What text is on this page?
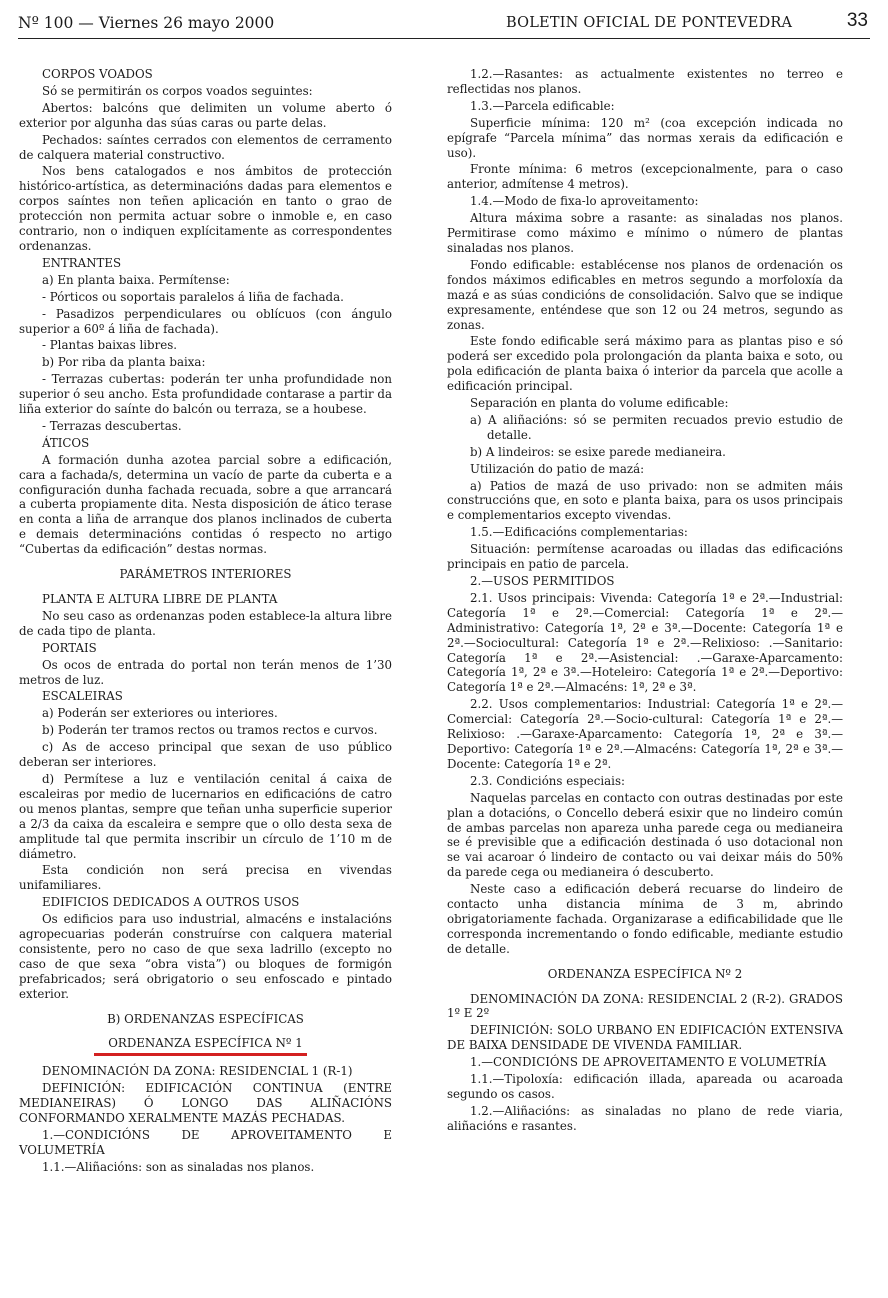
Nº 100 — Viernes 26 mayo 2000	BOLETIN OFICIAL DE PONTEVEDRA	33
CORPOS VOADOS
Só se permitirán os corpos voados seguintes:
Abertos: balcóns que delimiten un volume aberto ó exterior por algunha das súas caras ou parte delas.
Pechados: saíntes cerrados con elementos de cerramento de calquera material constructivo.
Nos bens catalogados e nos ámbitos de protección histórico-artística, as determinacións dadas para elementos e corpos saíntes non teñen aplicación en tanto o grao de protección non permita actuar sobre o inmoble e, en caso contrario, non o indiquen explícitamente as correspondentes ordenanzas.
ENTRANTES
a) En planta baixa. Permítense:
- Pórticos ou soportais paralelos á liña de fachada.
- Pasadizos perpendiculares ou oblícuos (con ángulo superior a 60º á liña de fachada).
- Plantas baixas libres.
b) Por riba da planta baixa:
- Terrazas cubertas: poderán ter unha profundidade non superior ó seu ancho. Esta profundidade contarase a partir da liña exterior do saínte do balcón ou terraza, se a houbese.
- Terrazas descubertas.
ÁTICOS
A formación dunha azotea parcial sobre a edificación, cara a fachada/s, determina un vacío de parte da cuberta e a configuración dunha fachada recuada, sobre a que arrancará a cuberta propiamente dita. Nesta disposición de ático terase en conta a liña de arranque dos planos inclinados de cuberta e demais determinacións contidas ó respecto no artigo “Cubertas da edificación” destas normas.
PARÁMETROS INTERIORES
PLANTA E ALTURA LIBRE DE PLANTA
No seu caso as ordenanzas poden establece-la altura libre de cada tipo de planta.
PORTAIS
Os ocos de entrada do portal non terán menos de 1’30 metros de luz.
ESCALEIRAS
a) Poderán ser exteriores ou interiores.
b) Poderán ter tramos rectos ou tramos rectos e curvos.
c) As de acceso principal que sexan de uso público deberan ser interiores.
d) Permítese a luz e ventilación cenital á caixa de escaleiras por medio de lucernarios en edificacións de catro ou menos plantas, sempre que teñan unha superficie superior a 2/3 da caixa da escaleira e sempre que o ollo desta sexa de amplitude tal que permita inscribir un círculo de 1’10 m de diámetro.
Esta condición non será precisa en vivendas unifamiliares.
EDIFICIOS DEDICADOS A OUTROS USOS
Os edificios para uso industrial, almacéns e instalacións agropecuarias poderán construírse con calquera material consistente, pero no caso de que sexa ladrillo (excepto no caso de que sexa “obra vista”) ou bloques de formigón prefabricados; será obrigatorio o seu enfoscado e pintado exterior.
B) ORDENANZAS ESPECÍFICAS
ORDENANZA ESPECÍFICA Nº 1
DENOMINACIÓN DA ZONA: RESIDENCIAL 1 (R-1)
DEFINICIÓN: EDIFICACIÓN CONTINUA (ENTRE MEDIANEIRAS) Ó LONGO DAS ALIÑACIÓNS CONFORMANDO XERALMENTE MAZÁS PECHADAS.
1.—CONDICIÓNS DE APROVEITAMENTO E VOLUMETRÍA
1.1.—Aliñacións: son as sinaladas nos planos.
1.2.—Rasantes: as actualmente existentes no terreo e reflectidas nos planos.
1.3.—Parcela edificable:
Superficie mínima: 120 m² (coa excepción indicada no epígrafe “Parcela mínima” das normas xerais da edificación e uso).
Fronte mínima: 6 metros (excepcionalmente, para o caso anterior, admítense 4 metros).
1.4.—Modo de fixa-lo aproveitamento:
Altura máxima sobre a rasante: as sinaladas nos planos. Permitirase como máximo e mínimo o número de plantas sinaladas nos planos.
Fondo edificable: establécense nos planos de ordenación os fondos máximos edificables en metros segundo a morfoloxía da mazá e as súas condicións de consolidación. Salvo que se indique expresamente, enténdese que son 12 ou 24 metros, segundo as zonas.
Este fondo edificable será máximo para as plantas piso e só poderá ser excedido pola prolongación da planta baixa e soto, ou pola edificación de planta baixa ó interior da parcela que acolle a edificación principal.
Separación en planta do volume edificable:
a) A aliñacións: só se permiten recuados previo estudio de detalle.
b) A lindeiros: se esixe parede medianeira.
Utilización do patio de mazá:
a) Patios de mazá de uso privado: non se admiten máis construccións que, en soto e planta baixa, para os usos principais e complementarios excepto vivendas.
1.5.—Edificacións complementarias:
Situación: permítense acaroadas ou illadas das edificacións principais en patio de parcela.
2.—USOS PERMITIDOS
2.1. Usos principais: Vivenda: Categoría 1ª e 2ª.—Industrial: Categoría 1ª e 2ª.—Comercial: Categoría 1ª e 2ª.—Administrativo: Categoría 1ª, 2ª e 3ª.—Docente: Categoría 1ª e 2ª.—Sociocultural: Categoría 1ª e 2ª.—Relixioso: .—Sanitario: Categoría 1ª e 2ª.—Asistencial: .—Garaxe-Aparcamento: Categoría 1ª, 2ª e 3ª.—Hoteleiro: Categoría 1ª e 2ª.—Deportivo: Categoría 1ª e 2ª.—Almacéns: 1ª, 2ª e 3ª.
2.2. Usos complementarios: Industrial: Categoría 1ª e 2ª.—Comercial: Categoría 2ª.—Socio-cultural: Categoría 1ª e 2ª.—Relixioso: .—Garaxe-Aparcamento: Categoría 1ª, 2ª e 3ª.—Deportivo: Categoría 1ª e 2ª.—Almacéns: Categoría 1ª, 2ª e 3ª.—Docente: Categoría 1ª e 2ª.
2.3. Condicións especiais:
Naquelas parcelas en contacto con outras destinadas por este plan a dotacións, o Concello deberá esixir que no lindeiro común de ambas parcelas non apareza unha parede cega ou medianeira se é previsible que a edificación destinada ó uso dotacional non se vai acaroar ó lindeiro de contacto ou vai deixar máis do 50% da parede cega ou medianeira ó descuberto.
Neste caso a edificación deberá recuarse do lindeiro de contacto unha distancia mínima de 3 m, abrindo obrigatoriamente fachada. Organizarase a edificabilidade que lle corresponda incrementando o fondo edificable, mediante estudio de detalle.
ORDENANZA ESPECÍFICA Nº 2
DENOMINACIÓN DA ZONA: RESIDENCIAL 2 (R-2). GRADOS 1º E 2º
DEFINICIÓN: SOLO URBANO EN EDIFICACIÓN EXTENSIVA DE BAIXA DENSIDADE DE VIVENDA FAMILIAR.
1.—CONDICIÓNS DE APROVEITAMENTO E VOLUMETRÍA
1.1.—Tipoloxía: edificación illada, apareada ou acaroada segundo os casos.
1.2.—Aliñacións: as sinaladas no plano de rede viaria, aliñacións e rasantes.
